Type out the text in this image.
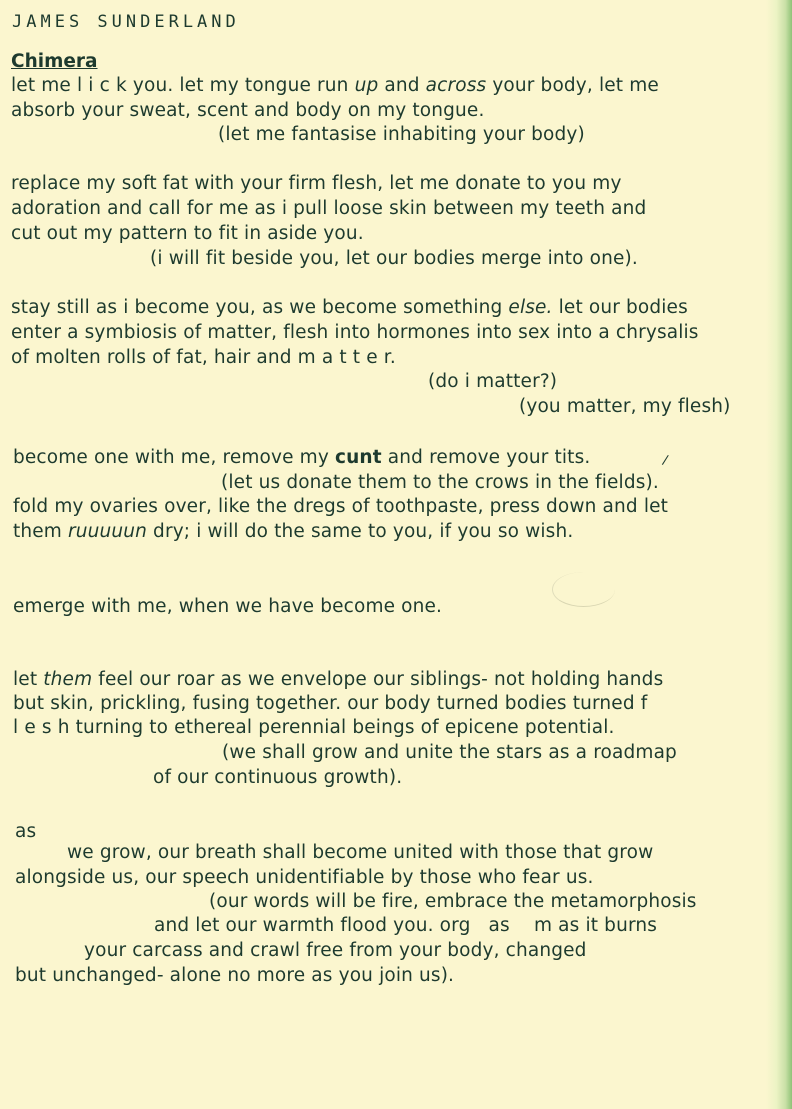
JAMES SUNDERLAND
Chimera
let me l i c k you. let my tongue run up and across your body, let me
absorb your sweat, scent and body on my tongue.
(let me fantasise inhabiting your body)
replace my soft fat with your firm flesh, let me donate to you my
adoration and call for me as i pull loose skin between my teeth and
cut out my pattern to fit in aside you.
(i will fit beside you, let our bodies merge into one).
stay still as i become you, as we become something else. let our bodies
enter a symbiosis of matter, flesh into hormones into sex into a chrysalis
of molten rolls of fat, hair and m a t t e r.
(do i matter?)
(you matter, my flesh)
become one with me, remove my cunt and remove your tits.
(let us donate them to the crows in the fields).
fold my ovaries over, like the dregs of toothpaste, press down and let
them ruuuuun dry; i will do the same to you, if you so wish.
emerge with me, when we have become one.
let them feel our roar as we envelope our siblings- not holding hands
but skin, prickling, fusing together. our body turned bodies turned f
l e s h turning to ethereal perennial beings of epicene potential.
(we shall grow and unite the stars as a roadmap
of our continuous growth).
as
we grow, our breath shall become united with those that grow
alongside us, our speech unidentifiable by those who fear us.
(our words will be fire, embrace the metamorphosis
and let our warmth flood you. org   as    m as it burns
your carcass and crawl free from your body, changed
but unchanged- alone no more as you join us).
/
